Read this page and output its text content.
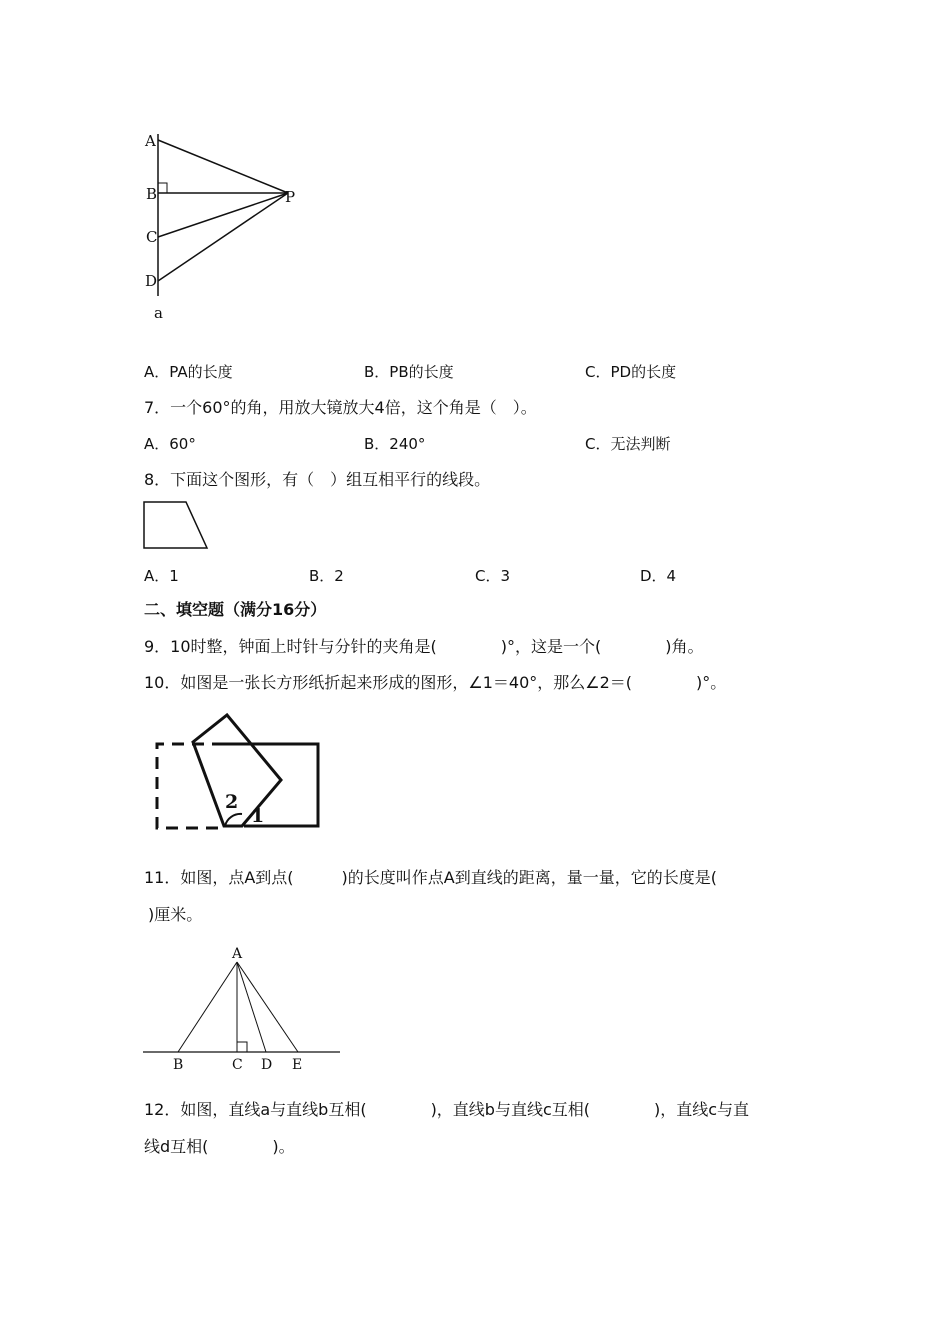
A
B
C
D
P
a
A．PA的长度	B．PB的长度	C．PD的长度
7．一个60°的角，用放大镜放大4倍，这个角是（　）。
A．60°	B．240°	C．无法判断
8．下面这个图形，有（　）组互相平行的线段。
A．1	B．2	C．3	D．4
二、填空题（满分16分）
9．10时整，钟面上时针与分针的夹角是(　　　　)°，这是一个(　　　　)角。
10．如图是一张长方形纸折起来形成的图形，∠1＝40°，那么∠2＝(　　　　)°。
2
1
11．如图，点A到点(　　　)的长度叫作点A到直线的距离，量一量，它的长度是(
)厘米。
A
B	C D E
12．如图，直线a与直线b互相(　　　　)，直线b与直线c互相(　　　　)，直线c与直
线d互相(　　　　)。
